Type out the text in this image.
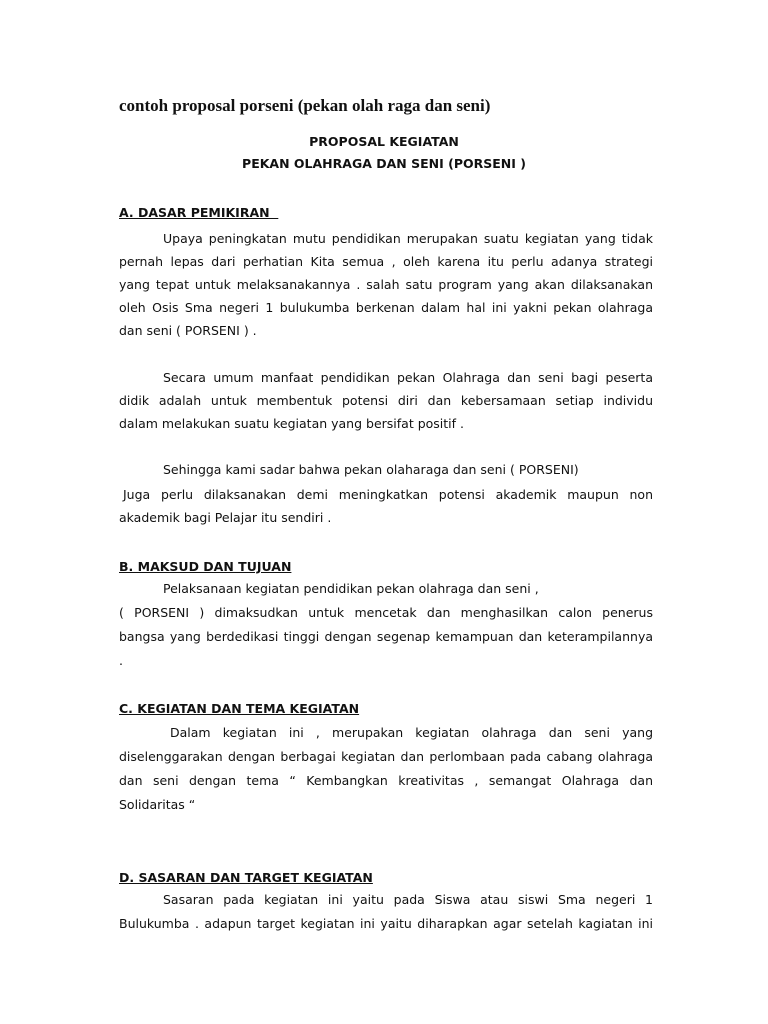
contoh proposal porseni (pekan olah raga dan seni)
PROPOSAL KEGIATAN
PEKAN OLAHRAGA DAN SENI (PORSENI )
A. DASAR PEMIKIRAN
Upaya peningkatan mutu pendidikan merupakan suatu kegiatan yang tidak
pernah lepas dari perhatian Kita semua , oleh karena itu perlu adanya strategi
yang tepat untuk melaksanakannya . salah satu program yang akan dilaksanakan
oleh Osis Sma negeri 1 bulukumba berkenan dalam hal ini yakni pekan olahraga
dan seni ( PORSENI ) .
Secara umum manfaat pendidikan pekan Olahraga dan seni bagi peserta
didik adalah untuk membentuk potensi diri dan kebersamaan setiap individu
dalam melakukan suatu kegiatan yang bersifat positif .
Sehingga kami sadar bahwa pekan olaharaga dan seni ( PORSENI)
Juga perlu dilaksanakan demi meningkatkan potensi akademik maupun non
akademik bagi Pelajar itu sendiri .
B. MAKSUD DAN TUJUAN
Pelaksanaan kegiatan pendidikan pekan olahraga dan seni ,
( PORSENI ) dimaksudkan untuk mencetak dan menghasilkan calon penerus
bangsa yang berdedikasi tinggi dengan segenap kemampuan dan keterampilannya
.
C. KEGIATAN DAN TEMA KEGIATAN
Dalam kegiatan ini , merupakan kegiatan olahraga dan seni yang
diselenggarakan dengan berbagai kegiatan dan perlombaan pada cabang olahraga
dan seni dengan tema “ Kembangkan kreativitas , semangat Olahraga dan
Solidaritas “
D. SASARAN DAN TARGET KEGIATAN
Sasaran pada kegiatan ini yaitu pada Siswa atau siswi Sma negeri 1
Bulukumba . adapun target kegiatan ini yaitu diharapkan agar setelah kagiatan ini
